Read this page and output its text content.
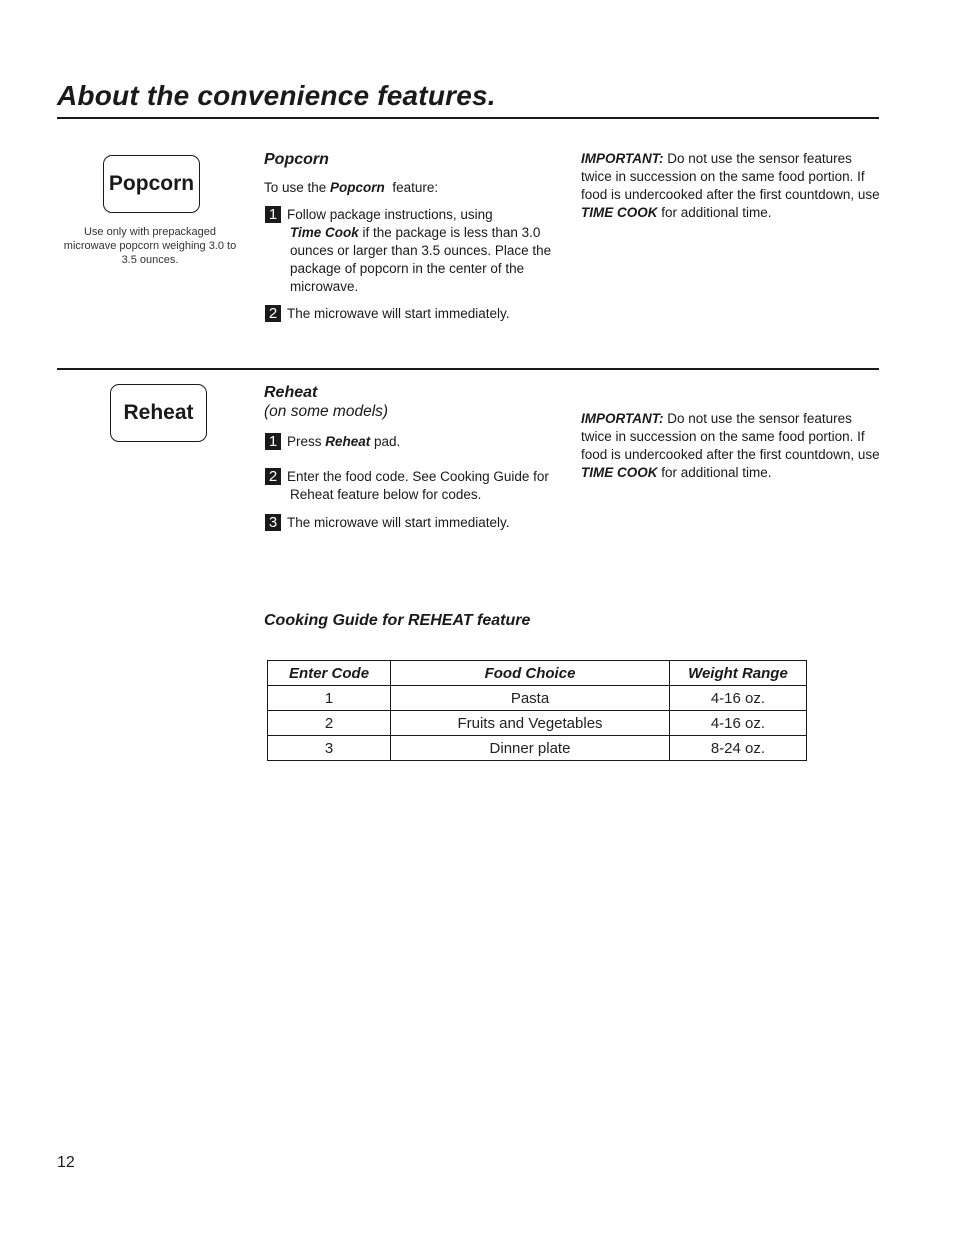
About the convenience features.
Popcorn
Use only with prepackaged microwave popcorn weighing 3.0 to 3.5 ounces.
Popcorn
To use the Popcorn  feature:
1 Follow package instructions, using
Time Cook if the package is less than 3.0 ounces or larger than 3.5 ounces. Place the package of popcorn in the center of the microwave.
2 The microwave will start immediately.
IMPORTANT: Do not use the sensor features twice in succession on the same food portion. If food is undercooked after the first countdown, use TIME COOK for additional time.
Reheat
Reheat
(on some models)
1 Press Reheat pad.
2 Enter the food code. See Cooking Guide for
Reheat feature below for codes.
3 The microwave will start immediately.
IMPORTANT: Do not use the sensor features twice in succession on the same food portion. If food is undercooked after the first countdown, use TIME COOK for additional time.
Cooking Guide for REHEAT feature
Enter Code	Food Choice	Weight Range
1	Pasta	4-16 oz.
2	Fruits and Vegetables	4-16 oz.
3	Dinner plate	8-24 oz.
12
